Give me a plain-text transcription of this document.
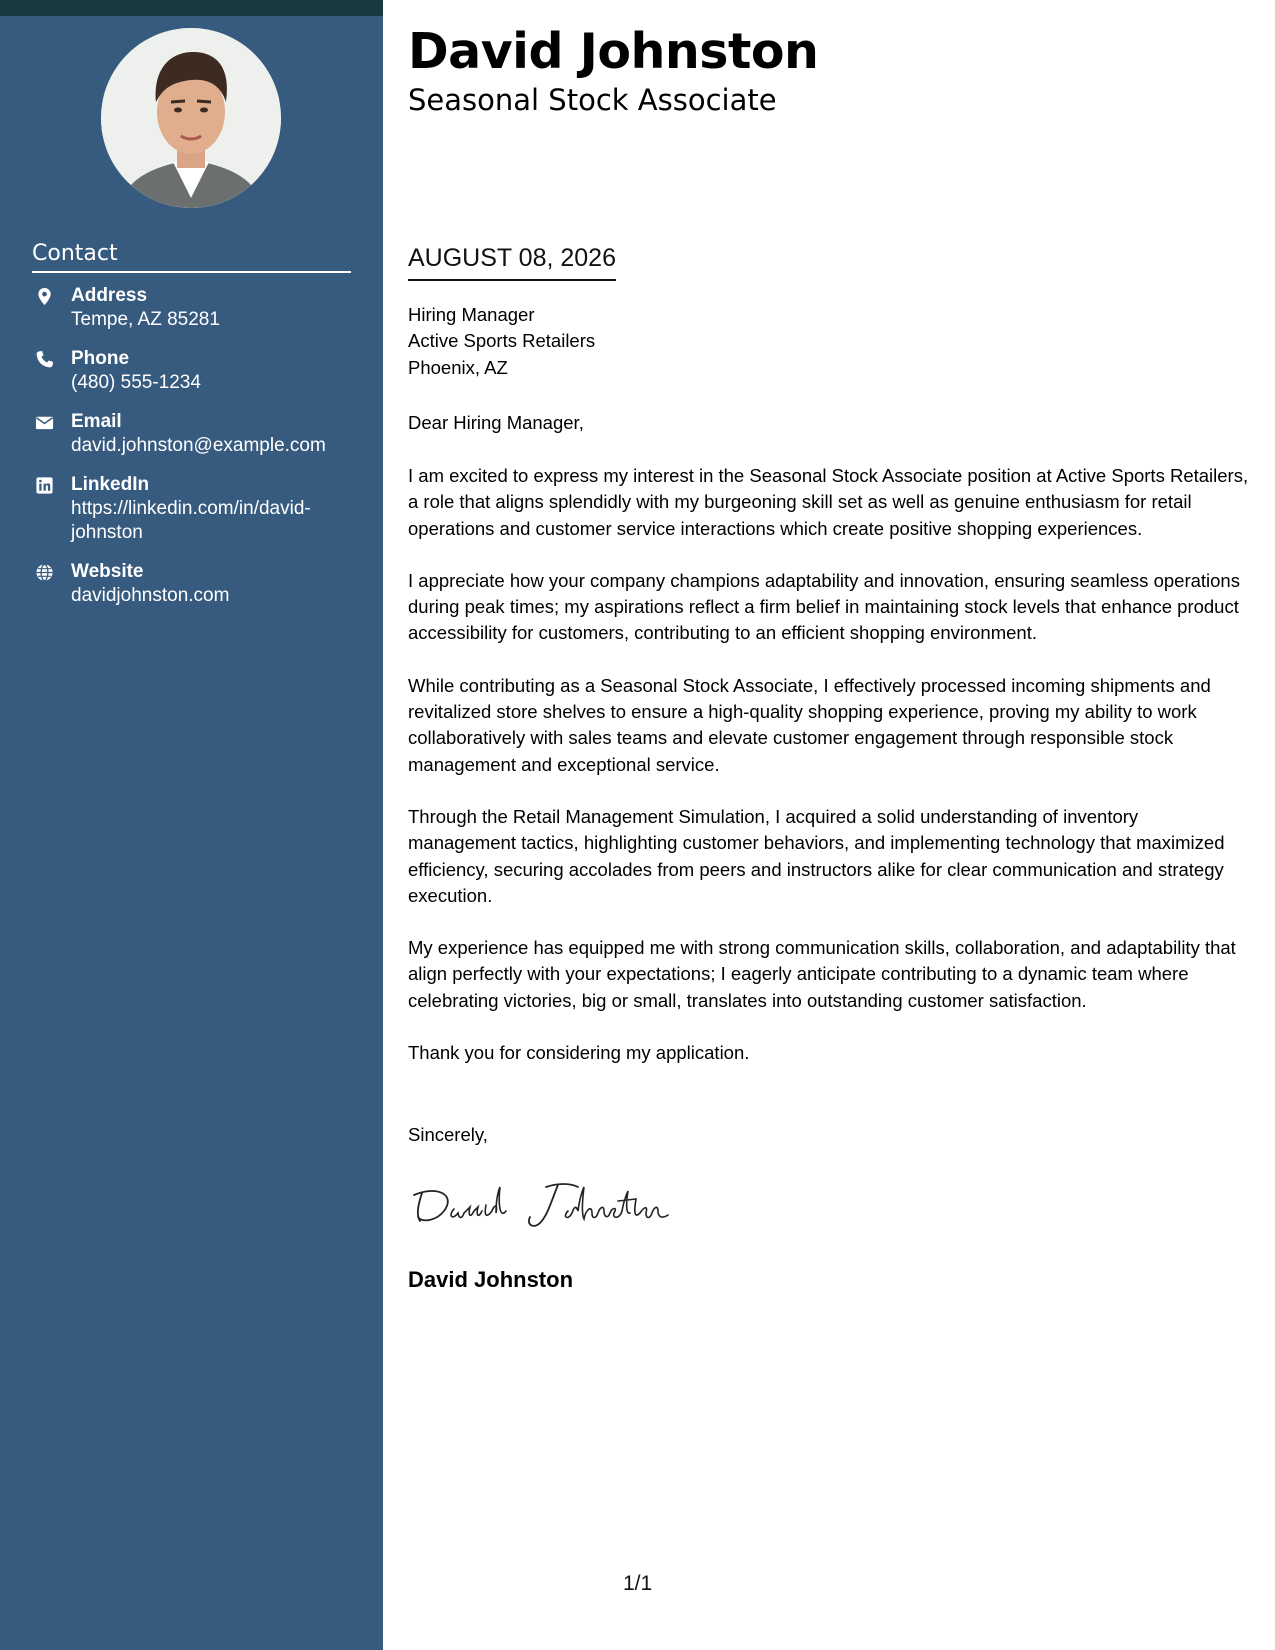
Contact
Address
Tempe, AZ 85281
Phone
(480) 555-1234
Email
david.johnston@example.com
LinkedIn
https://linkedin.com/in/david-johnston
Website
davidjohnston.com
David Johnston
Seasonal Stock Associate
AUGUST 08, 2026
Hiring Manager
Active Sports Retailers
Phoenix, AZ
Dear Hiring Manager,

I am excited to express my interest in the Seasonal Stock Associate position at Active Sports Retailers, a role that aligns splendidly with my burgeoning skill set as well as genuine enthusiasm for retail operations and customer service interactions which create positive shopping experiences.

I appreciate how your company champions adaptability and innovation, ensuring seamless operations during peak times; my aspirations reflect a firm belief in maintaining stock levels that enhance product accessibility for customers, contributing to an efficient shopping environment.

While contributing as a Seasonal Stock Associate, I effectively processed incoming shipments and revitalized store shelves to ensure a high-quality shopping experience, proving my ability to work collaboratively with sales teams and elevate customer engagement through responsible stock management and exceptional service.

Through the Retail Management Simulation, I acquired a solid understanding of inventory management tactics, highlighting customer behaviors, and implementing technology that maximized efficiency, securing accolades from peers and instructors alike for clear communication and strategy execution.

My experience has equipped me with strong communication skills, collaboration, and adaptability that align perfectly with your expectations; I eagerly anticipate contributing to a dynamic team where celebrating victories, big or small, translates into outstanding customer satisfaction.

Thank you for considering my application.

Sincerely,
David Johnston
1/1
